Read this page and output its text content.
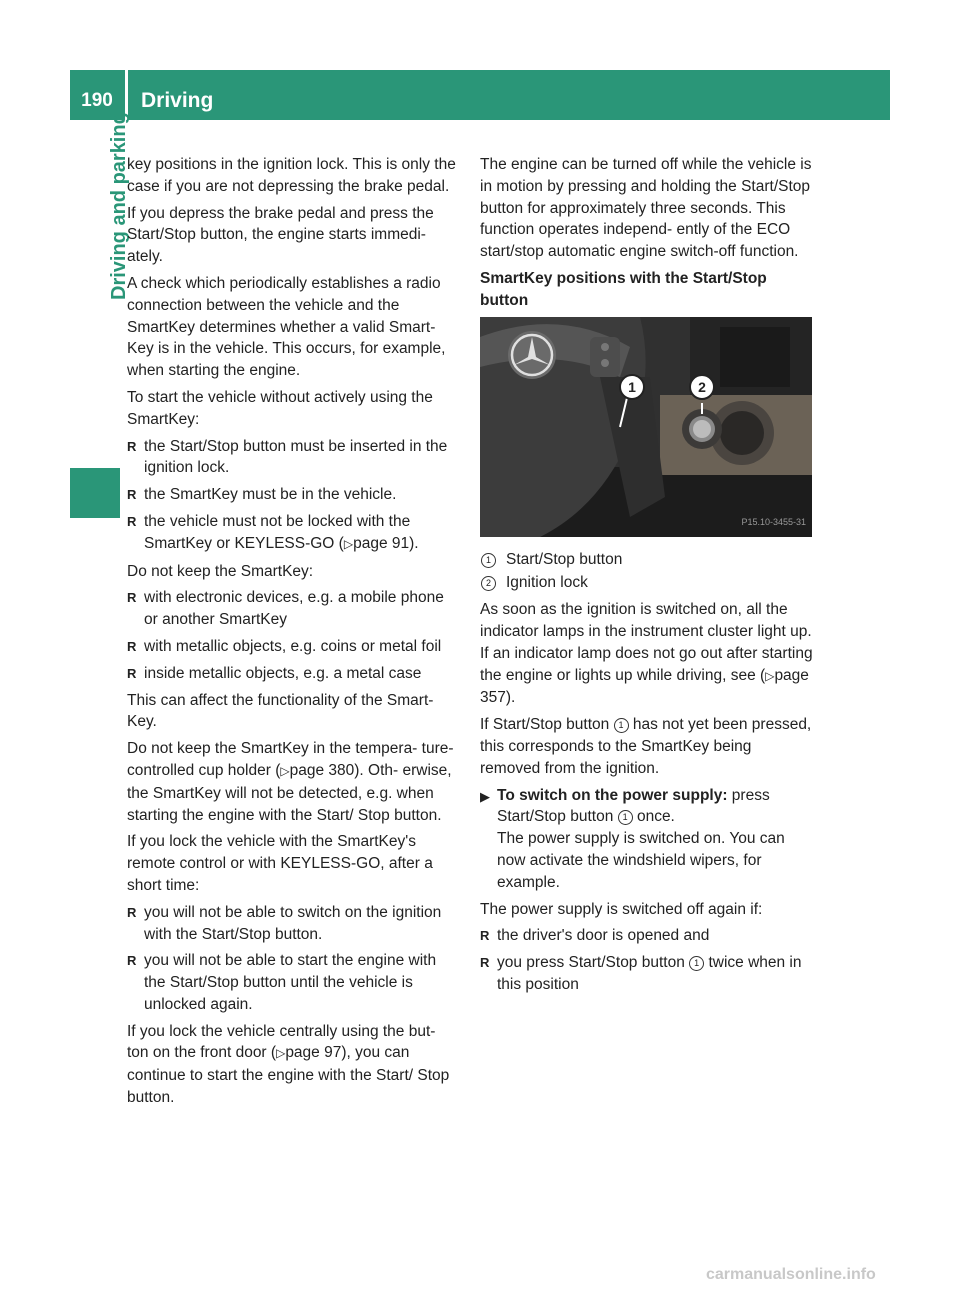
190	Driving
Driving and parking

key positions in the ignition lock. This is only the case if you are not depressing the brake pedal.

If you depress the brake pedal and press the Start/Stop button, the engine starts immedi- ately.

A check which periodically establishes a radio connection between the vehicle and the SmartKey determines whether a valid Smart- Key is in the vehicle. This occurs, for example, when starting the engine.

To start the vehicle without actively using the SmartKey:

R the Start/Stop button must be inserted in the ignition lock.
R the SmartKey must be in the vehicle.
R the vehicle must not be locked with the SmartKey or KEYLESS-GO (▷page 91).

Do not keep the SmartKey:

R with electronic devices, e.g. a mobile phone or another SmartKey
R with metallic objects, e.g. coins or metal foil
R inside metallic objects, e.g. a metal case

This can affect the functionality of the Smart- Key.

Do not keep the SmartKey in the tempera- ture-controlled cup holder (▷page 380). Oth- erwise, the SmartKey will not be detected, e.g. when starting the engine with the Start/ Stop button.

If you lock the vehicle with the SmartKey's remote control or with KEYLESS-GO, after a short time:

R you will not be able to switch on the ignition with the Start/Stop button.
R you will not be able to start the engine with the Start/Stop button until the vehicle is unlocked again.

If you lock the vehicle centrally using the but- ton on the front door (▷page 97), you can continue to start the engine with the Start/ Stop button.

The engine can be turned off while the vehicle is in motion by pressing and holding the Start/Stop button for approximately three seconds. This function operates independ- ently of the ECO start/stop automatic engine switch-off function.

SmartKey positions with the Start/Stop button

1	2
P15.10-3455-31
1 Start/Stop button
2 Ignition lock

As soon as the ignition is switched on, all the indicator lamps in the instrument cluster light up. If an indicator lamp does not go out after starting the engine or lights up while driving, see (▷page 357).

If Start/Stop button 1 has not yet been pressed, this corresponds to the SmartKey being removed from the ignition.

▶ To switch on the power supply: press Start/Stop button 1 once.
The power supply is switched on. You can now activate the windshield wipers, for example.

The power supply is switched off again if:

R the driver's door is opened and
R you press Start/Stop button 1 twice when in this position
carmanualsonline.info
